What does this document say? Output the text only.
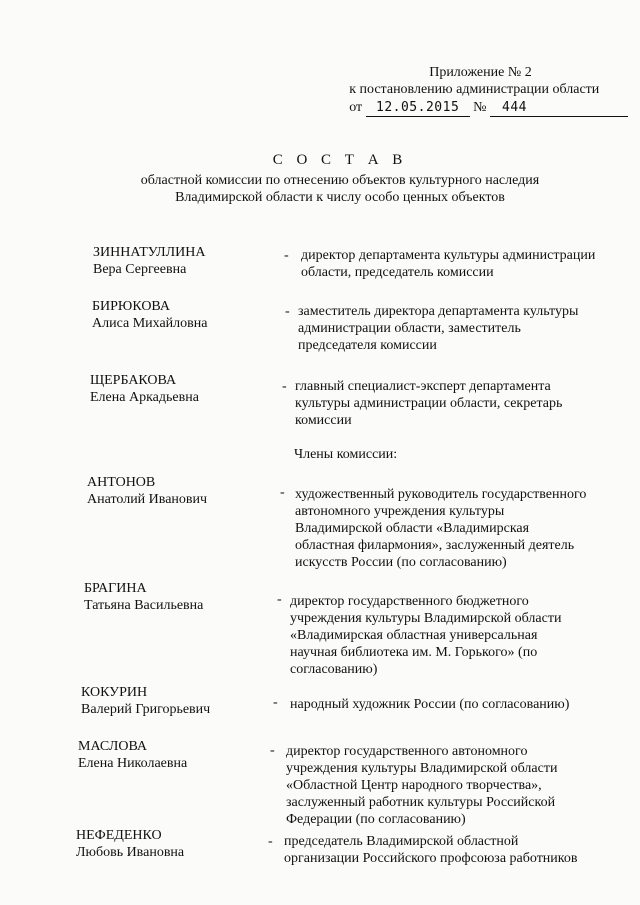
Приложение № 2
к постановлению администрации области
от 12.05.2015 № 444
С О С Т А В
областной комиссии по отнесению объектов культурного наследия
Владимирской области к числу особо ценных объектов
ЗИННАТУЛЛИНА
Вера Сергеевна
- директор департамента культуры администрации
области, председатель комиссии
БИРЮКОВА
Алиса Михайловна
- заместитель директора департамента культуры
администрации области, заместитель
председателя комиссии
ЩЕРБАКОВА
Елена Аркадьевна
- главный специалист-эксперт департамента
культуры администрации области, секретарь
комиссии
Члены комиссии:
АНТОНОВ
Анатолий Иванович	- художественный руководитель государственного
автономного учреждения культуры
Владимирской области «Владимирская
областная филармония», заслуженный деятель
искусств России (по согласованию)
БРАГИНА
Татьяна Васильевна	- директор государственного бюджетного
учреждения культуры Владимирской области
«Владимирская областная универсальная
научная библиотека им. М. Горького» (по
согласованию)
КОКУРИН
Валерий Григорьевич	- народный художник России (по согласованию)
МАСЛОВА
Елена Николаевна
- директор государственного автономного
учреждения культуры Владимирской области
«Областной Центр народного творчества»,
заслуженный работник культуры Российской
Федерации (по согласованию)
НЕФЕДЕНКО
Любовь Ивановна
- председатель Владимирской областной
организации Российского профсоюза работников
